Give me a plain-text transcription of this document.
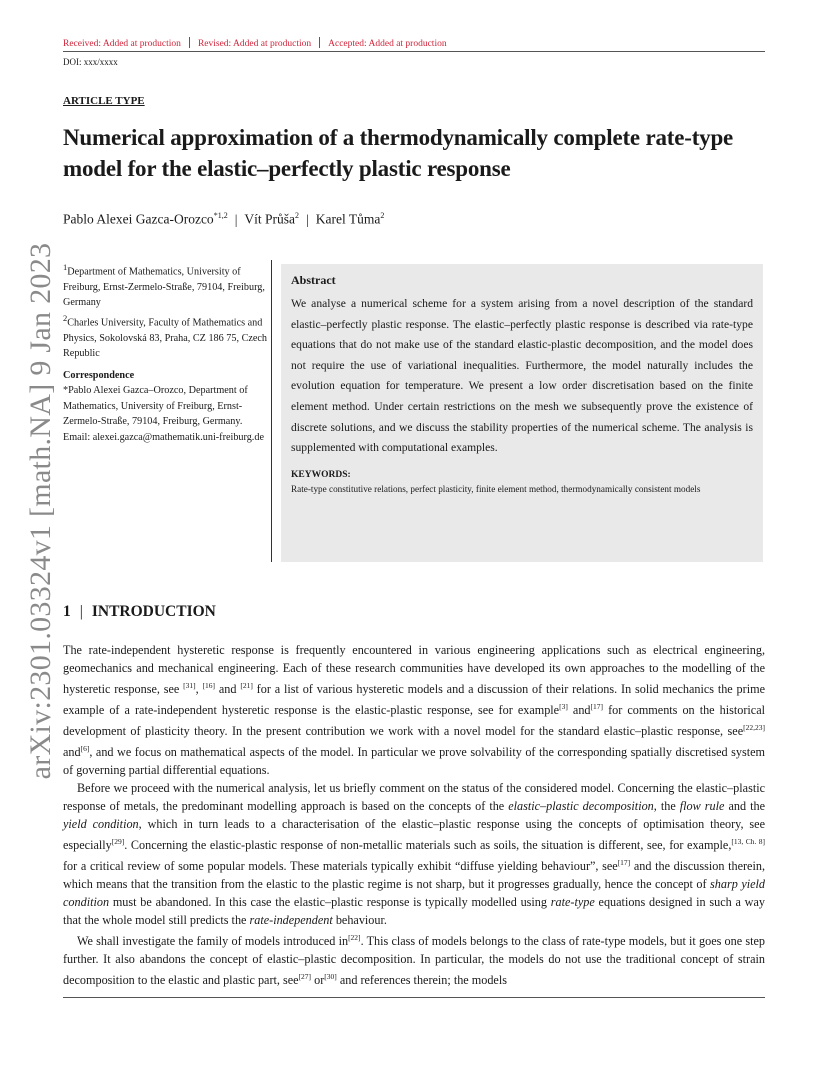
Received: Added at production Revised: Added at production Accepted: Added at production
DOI: xxx/xxxx
ARTICLE TYPE
Numerical approximation of a thermodynamically complete rate-type model for the elastic–perfectly plastic response
Pablo Alexei Gazca-Orozco$^{*1,2}$ | Vít Průša$^2$ | Karel Tůma$^2$
arXiv:2301.03324v1 [math.NA] 9 Jan 2023 $^1$Department of Mathematics, University of Freiburg, Ernst-Zermelo-Straße, 79104, Freiburg, Germany
$^2$Charles University, Faculty of Mathematics and Physics, Sokolovská 83, Praha, CZ 186 75, Czech Republic
Correspondence
*Pablo Alexei Gazca–Orozco, Department of Mathematics, University of Freiburg, Ernst-Zermelo-Straße, 79104, Freiburg, Germany. Email: alexei.gazca@mathematik.uni-freiburg.de
Abstract
We analyse a numerical scheme for a system arising from a novel description of the standard elastic–perfectly plastic response. The elastic–perfectly plastic response is described via rate-type equations that do not make use of the standard elastic-plastic decomposition, and the model does not require the use of variational inequalities. Furthermore, the model naturally includes the evolution equation for temperature. We present a low order discretisation based on the finite element method. Under certain restrictions on the mesh we subsequently prove the existence of discrete solutions, and we discuss the stability properties of the numerical scheme. The analysis is supplemented with computational examples.
KEYWORDS:
Rate-type constitutive relations, perfect plasticity, finite element method, thermodynamically consistent models
1 | INTRODUCTION

The rate-independent hysteretic response is frequently encountered in various engineering applications such as electrical engineering, geomechanics and mechanical engineering. Each of these research communities have developed its own approaches to the modelling of the hysteretic response, see [31], [16] and [21] for a list of various hysteretic models and a discussion of their relations. In solid mechanics the prime example of a rate-independent hysteretic response is the elastic-plastic response, see for example[3] and[17] for comments on the historical development of plasticity theory. In the present contribution we work with a novel model for the standard elastic–plastic response, see[22,23] and[6], and we focus on mathematical aspects of the model. In particular we prove solvability of the corresponding spatially discretised system of governing partial differential equations.

Before we proceed with the numerical analysis, let us briefly comment on the status of the considered model. Concerning the elastic–plastic response of metals, the predominant modelling approach is based on the concepts of the elastic–plastic decomposition, the flow rule and the yield condition, which in turn leads to a characterisation of the elastic–plastic response using the concepts of optimisation theory, see especially[29]. Concerning the elastic-plastic response of non-metallic materials such as soils, the situation is different, see, for example,[13, Ch. 8] for a critical review of some popular models. These materials typically exhibit “diffuse yielding behaviour”, see[17] and the discussion therein, which means that the transition from the elastic to the plastic regime is not sharp, but it progresses gradually, hence the concept of sharp yield condition must be abandoned. In this case the elastic–plastic response is typically modelled using rate-type equations designed in such a way that the whole model still predicts the rate-independent behaviour.

We shall investigate the family of models introduced in[22]. This class of models belongs to the class of rate-type models, but it goes one step further. It also abandons the concept of elastic–plastic decomposition. In particular, the models do not use the traditional concept of strain decomposition to the elastic and plastic part, see[27] or[30] and references therein; the models
